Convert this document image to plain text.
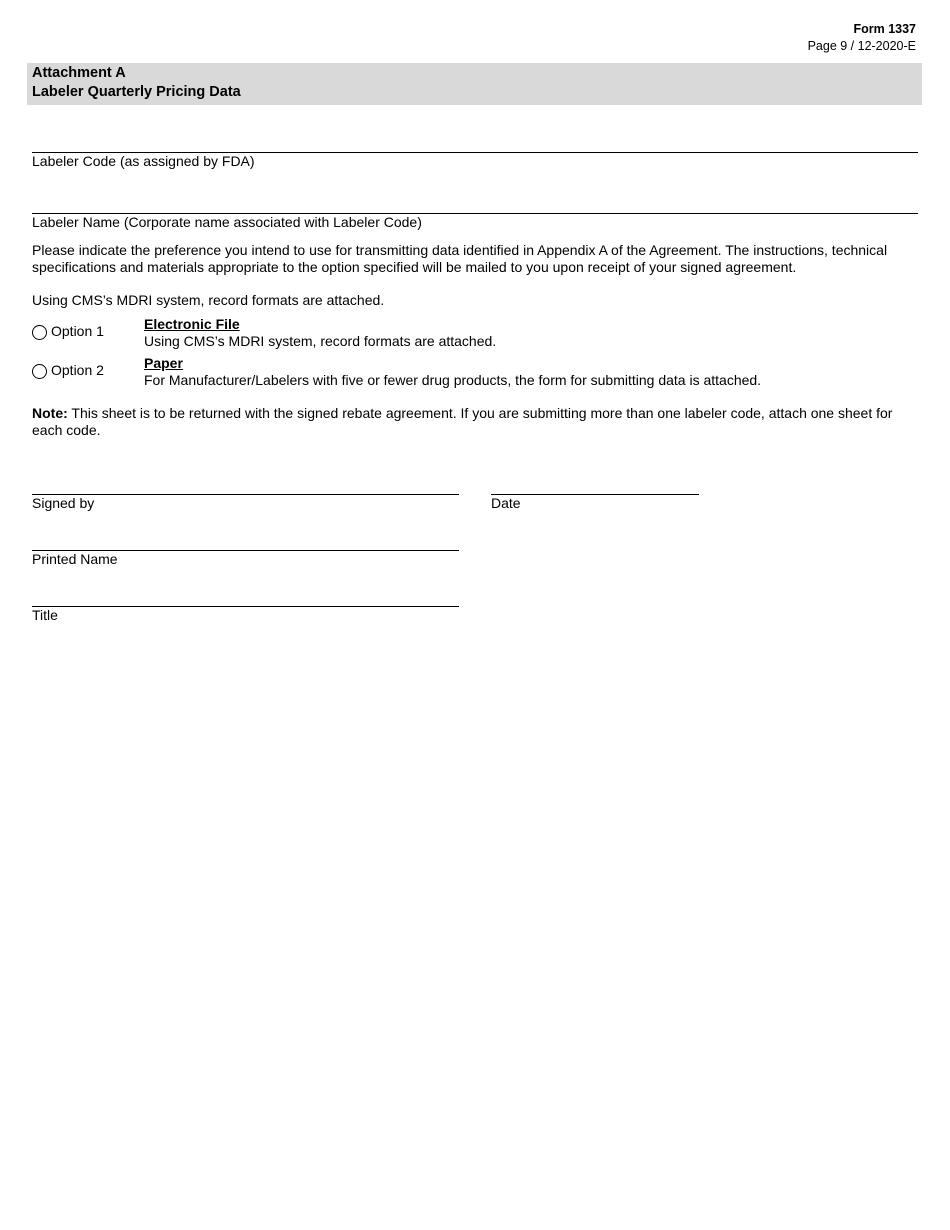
Form 1337
Page 9 / 12-2020-E
Attachment A
Labeler Quarterly Pricing Data
Labeler Code (as assigned by FDA)
Labeler Name (Corporate name associated with Labeler Code)
Please indicate the preference you intend to use for transmitting data identified in Appendix A of the Agreement. The instructions, technical specifications and materials appropriate to the option specified will be mailed to you upon receipt of your signed agreement.
Using CMS’s MDRI system, record formats are attached.
Option 1	Electronic File
Using CMS’s MDRI system, record formats are attached.
Option 2	Paper
For Manufacturer/Labelers with five or fewer drug products, the form for submitting data is attached.
Note: This sheet is to be returned with the signed rebate agreement. If you are submitting more than one labeler code, attach one sheet for each code.
Signed by	Date
Printed Name
Title
